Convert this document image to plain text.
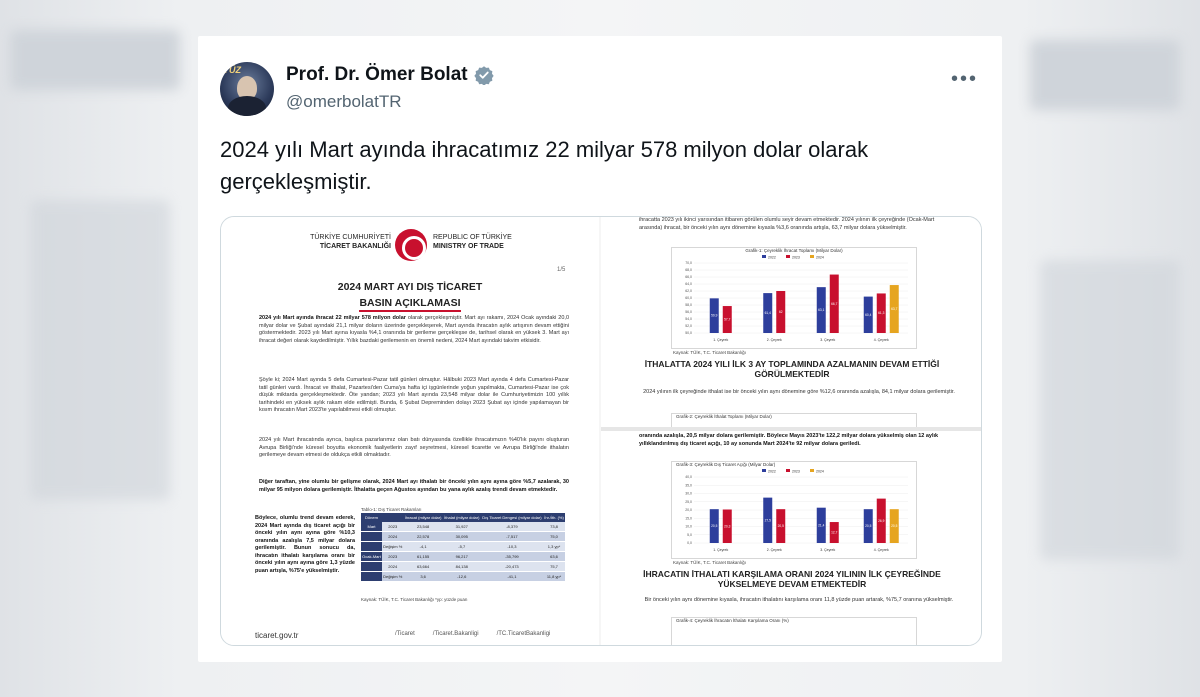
YÜZ Prof. Dr. Ömer Bolat
@omerbolatTR
•••
2024 yılı Mart ayında ihracatımız 22 milyar 578 milyon dolar olarak gerçekleşmiştir.
TÜRKİYE CUMHURİYETİ
TİCARET BAKANLIĞI
REPUBLIC OF TÜRKİYE
MINISTRY OF TRADE
1/5
2024 MART AYI DIŞ TİCARET
BASIN AÇIKLAMASI
2024 yılı Mart ayında ihracat 22 milyar 578 milyon dolar olarak gerçekleşmiştir. Mart ayı rakamı, 2024 Ocak ayındaki 20,0 milyar dolar ve Şubat ayındaki 21,1 milyar doların üzerinde gerçekleşerek, Mart ayında ihracatın aylık artışının devam ettiğini göstermektedir. 2023 yılı Mart ayına kıyasla %4,1 oranında bir gerileme gerçekleşse de, tarihsel olarak en yüksek 3. Mart ayı ihracat değeri olarak kaydedilmiştir. Yıllık bazdaki gerilemenin en önemli nedeni, 2024 Mart ayındaki takvim etkisidir.
Şöyle ki; 2024 Mart ayında 5 defa Cumartesi-Pazar tatil günleri olmuştur. Hâlbuki 2023 Mart ayında 4 defa Cumartesi-Pazar tatil günleri vardı. İhracat ve ithalat, Pazartesi'den Cuma'ya hafta içi işgünlerinde yoğun yapılmakta, Cumartesi-Pazar ise çok düşük miktarda gerçekleşmektedir. Öte yandan; 2023 yılı Mart ayında 23,548 milyar dolar ile Cumhuriyetimizin 100 yıllık tarihindeki en yüksek aylık rakam elde edilmişti. Bunda, 6 Şubat Depreminden dolayı 2023 Şubat ayı içinde yapılamayan bir kısım ihracatın Mart 2023'te yapılabilmesi etkili olmuştur.
2024 yılı Mart ihracatında ayrıca, başlıca pazarlarımız olan batı dünyasında özellikle ihracatımızın %40'lık payını oluşturan Avrupa Birliği'nde küresel boyutta ekonomik faaliyetlerin zayıf seyretmesi, küresel ticarette ve Avrupa Birliği'nde ithalatın gerilemeye devam etmesi de oldukça etkili olmaktadır.
Diğer taraftan, yine olumlu bir gelişme olarak, 2024 Mart ayı ithalatı bir önceki yılın aynı ayına göre %5,7 azalarak, 30 milyar 95 milyon dolara gerilemiştir. İthalatta geçen Ağustos ayından bu yana aylık azalış trendi devam etmektedir.
Böylece, olumlu trend devam ederek, 2024 Mart ayında dış ticaret açığı bir önceki yılın aynı ayına göre %10,3 oranında azalışla 7,5 milyar dolara gerilemiştir. Bunun sonucu da, ihracatın ithalatı karşılama oranı bir önceki yılın aynı ayına göre 1,3 yüzde puan artışla, %75'e yükselmiştir.
Tablo-1: Dış Ticaret Rakamları
Dönem		İhracat (milyar dolar)	İthalat (milyar dolar)	Dış Ticaret Dengesi (milyar dolar)	İhr./İth. (%)
Mart	2023	23,548	31,927	-8,379	73,8
	2024	22,578	30,095	-7,517	75,0
	Değişim %	-4,1	-5,7	-10,3	1,3 yp*
Ocak-Mart	2023	61,155	96,217	-35,799	63,6
	2024	63,664	84,138	-20,473	75,7
	Değişim %	3,6	-12,6	-41,1	11,8 yp*
Kaynak: TÜİK, T.C. Ticaret Bakanlığı *yp: yüzde puan
ticaret.gov.tr	/Ticaret	/Ticaret.Bakanligi	/TC.TicaretBakanligi
ihracatta 2023 yılı ikinci yarısından itibaren görülen olumlu seyir devam etmektedir. 2024 yılının ilk çeyreğinde (Ocak-Mart arasında) ihracat, bir önceki yılın aynı dönemine kıyasla %3,6 oranında artışla, 63,7 milyar dolara yükselmiştir.
Grafik-1: Çeyreklik İhracat Toplamı (Milyar Dolar)
2022	2023	2024
70,0
68,0
66,0
64,0
62,0
60,0
58,0
56,0
54,0
52,0
50,0
59,9
57,7
1. Çeyrek
61,4	62
2. Çeyrek
63,1
66,7
3. Çeyrek
60,4 61,3
63,7
4. Çeyrek
Kaynak: TÜİK, T.C. Ticaret Bakanlığı
İTHALATTA 2024 YILI İLK 3 AY TOPLAMINDA AZALMANIN DEVAM ETTİĞİ GÖRÜLMEKTEDİR
2024 yılının ilk çeyreğinde ithalat ise bir önceki yılın aynı dönemine göre %12,6 oranında azalışla, 84,1 milyar dolara gerilemiştir.
Grafik-2: Çeyreklik İthalat Toplamı (Milyar Dolar)
oranında azalışla, 20,5 milyar dolara gerilemiştir. Böylece Mayıs 2023'te 122,2 milyar dolara yükselmiş olan 12 aylık yıllıklandırılmış dış ticaret açığı, 10 ay sonunda Mart 2024'te 92 milyar dolara geriledi.
Grafik-3: Çeyreklik Dış Ticaret Açığı (Milyar Dolar)
2022	2023	2024
40,0
35,0
30,0
25,0
20,0
15,0
10,0
5,0
0,0
20,5 20,3
1. Çeyrek
27,5
20,5
2. Çeyrek
21,4
12,7
3. Çeyrek
20,5
26,9
20,5
4. Çeyrek
Kaynak: TÜİK, T.C. Ticaret Bakanlığı
İHRACATIN İTHALATI KARŞILAMA ORANI 2024 YILININ İLK ÇEYREĞİNDE YÜKSELMEYE DEVAM ETMEKTEDİR
Bir önceki yılın aynı dönemine kıyasla, ihracatın ithalatını karşılama oranı 11,8 yüzde puan artarak, %75,7 oranına yükselmiştir.
Grafik-4: Çeyreklik İhracatın İthalatı Karşılama Oranı (%)
